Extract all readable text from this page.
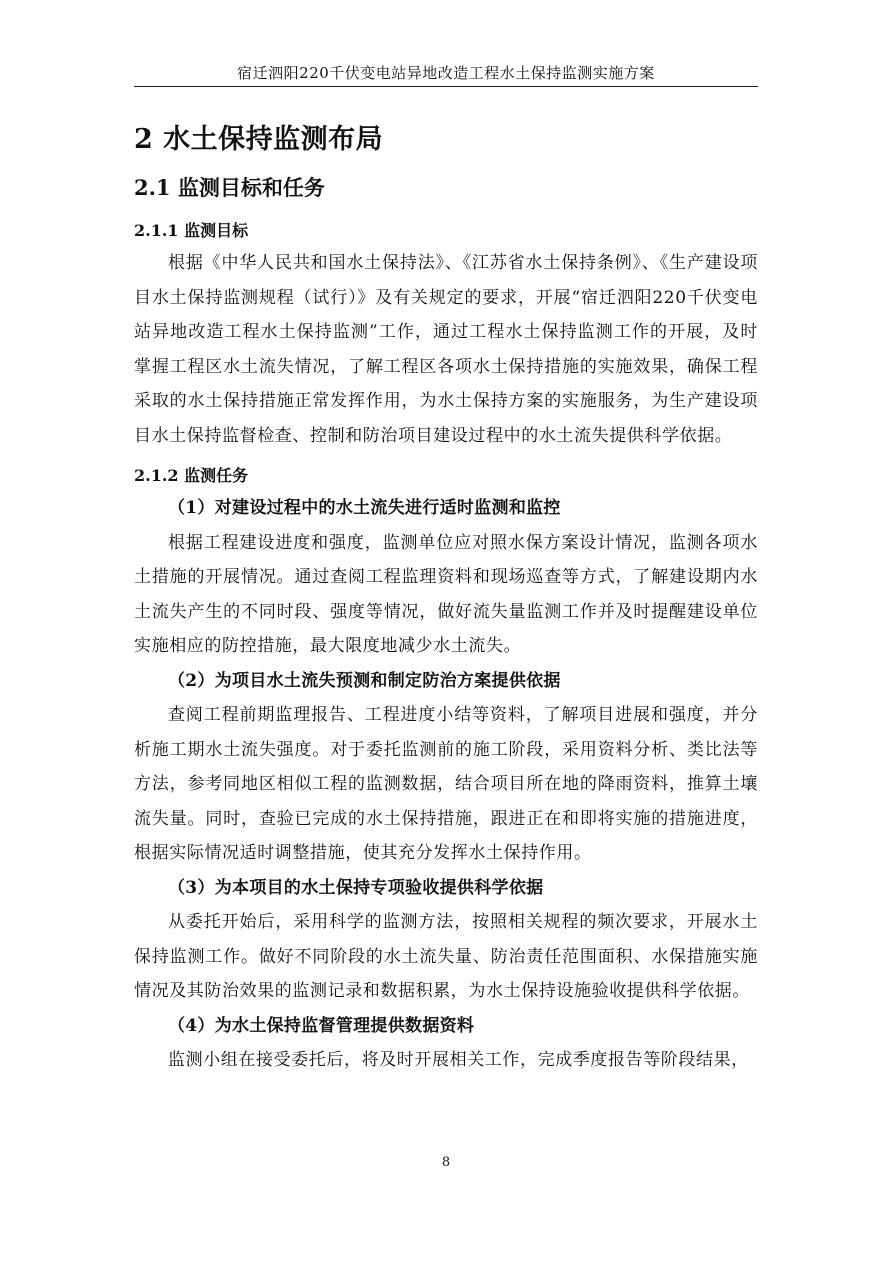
宿迁泗阳220千伏变电站异地改造工程水土保持监测实施方案
2 水土保持监测布局
2.1 监测目标和任务
2.1.1 监测目标

根据《中华人民共和国水土保持法》、《江苏省水土保持条例》、《生产建设项目水土保持监测规程（试行）》及有关规定的要求，开展“宿迁泗阳220千伏变电站异地改造工程水土保持监测”工作，通过工程水土保持监测工作的开展，及时掌握工程区水土流失情况，了解工程区各项水土保持措施的实施效果，确保工程采取的水土保持措施正常发挥作用，为水土保持方案的实施服务，为生产建设项目水土保持监督检查、控制和防治项目建设过程中的水土流失提供科学依据。

2.1.2 监测任务

（1）对建设过程中的水土流失进行适时监测和监控

根据工程建设进度和强度，监测单位应对照水保方案设计情况，监测各项水土措施的开展情况。通过查阅工程监理资料和现场巡查等方式，了解建设期内水土流失产生的不同时段、强度等情况，做好流失量监测工作并及时提醒建设单位实施相应的防控措施，最大限度地减少水土流失。

（2）为项目水土流失预测和制定防治方案提供依据

查阅工程前期监理报告、工程进度小结等资料，了解项目进展和强度，并分析施工期水土流失强度。对于委托监测前的施工阶段，采用资料分析、类比法等方法，参考同地区相似工程的监测数据，结合项目所在地的降雨资料，推算土壤流失量。同时，查验已完成的水土保持措施，跟进正在和即将实施的措施进度，根据实际情况适时调整措施，使其充分发挥水土保持作用。

（3）为本项目的水土保持专项验收提供科学依据

从委托开始后，采用科学的监测方法，按照相关规程的频次要求，开展水土保持监测工作。做好不同阶段的水土流失量、防治责任范围面积、水保措施实施情况及其防治效果的监测记录和数据积累，为水土保持设施验收提供科学依据。

（4）为水土保持监督管理提供数据资料

监测小组在接受委托后，将及时开展相关工作，完成季度报告等阶段结果，

8
